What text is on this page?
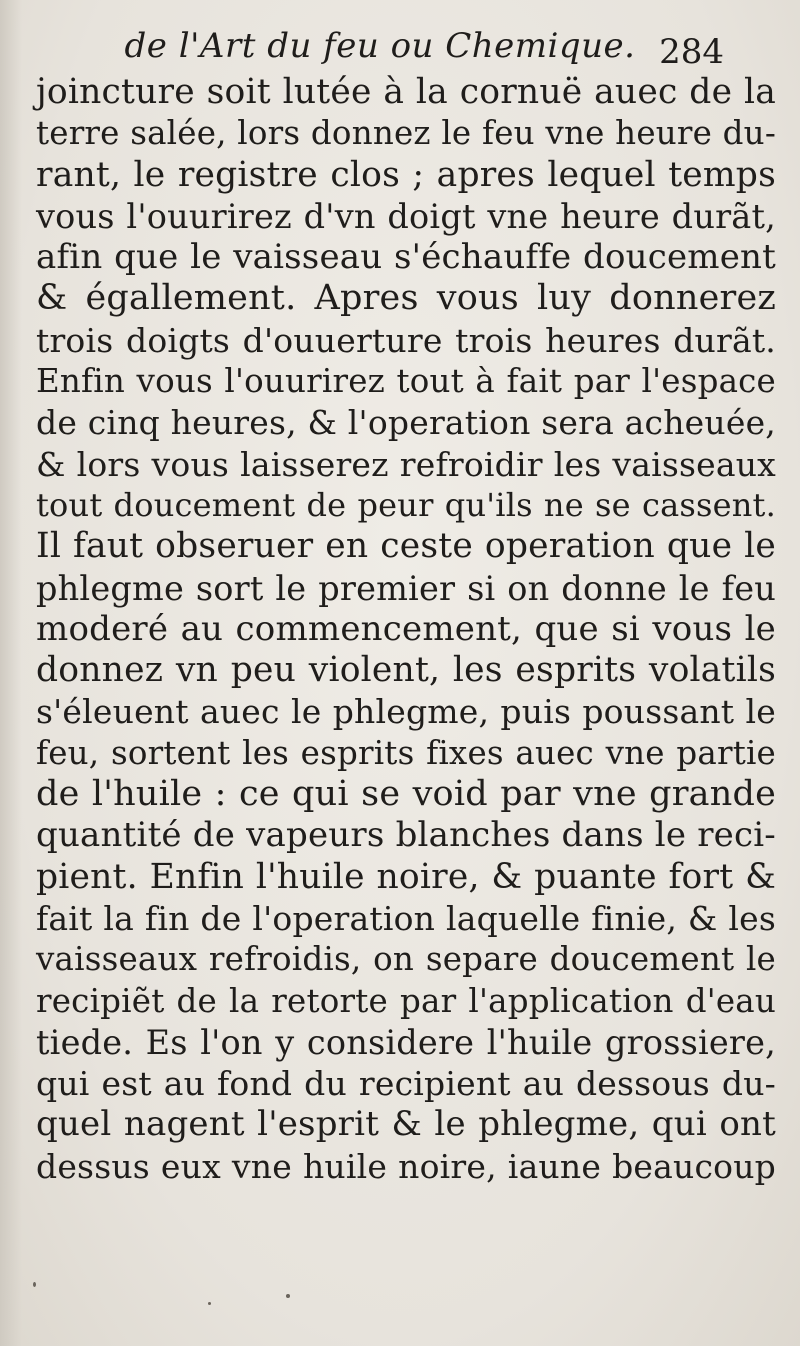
de l'Art du feu ou Chemique. 284
joincture soit lutée à la cornuë auec de la
terre salée, lors donnez le feu vne heure du-
rant, le registre clos ; apres lequel temps
vous l'ouurirez d'vn doigt vne heure durãt,
afin que le vaisseau s'échauffe doucement
& égallement. Apres vous luy donnerez
trois doigts d'ouuerture trois heures durãt.
Enfin vous l'ouurirez tout à fait par l'espace
de cinq heures, & l'operation sera acheuée,
& lors vous laisserez refroidir les vaisseaux
tout doucement de peur qu'ils ne se cassent.
Il faut obseruer en ceste operation que le
phlegme sort le premier si on donne le feu
moderé au commencement, que si vous le
donnez vn peu violent, les esprits volatils
s'éleuent auec le phlegme, puis poussant le
feu, sortent les esprits fixes auec vne partie
de l'huile : ce qui se void par vne grande
quantité de vapeurs blanches dans le reci-
pient. Enfin l'huile noire, & puante fort &
fait la fin de l'operation laquelle finie, & les
vaisseaux refroidis, on separe doucement le
recipiẽt de la retorte par l'application d'eau
tiede. Es l'on y considere l'huile grossiere,
qui est au fond du recipient au dessous du-
quel nagent l'esprit & le phlegme, qui ont
dessus eux vne huile noire, iaune beaucoup
